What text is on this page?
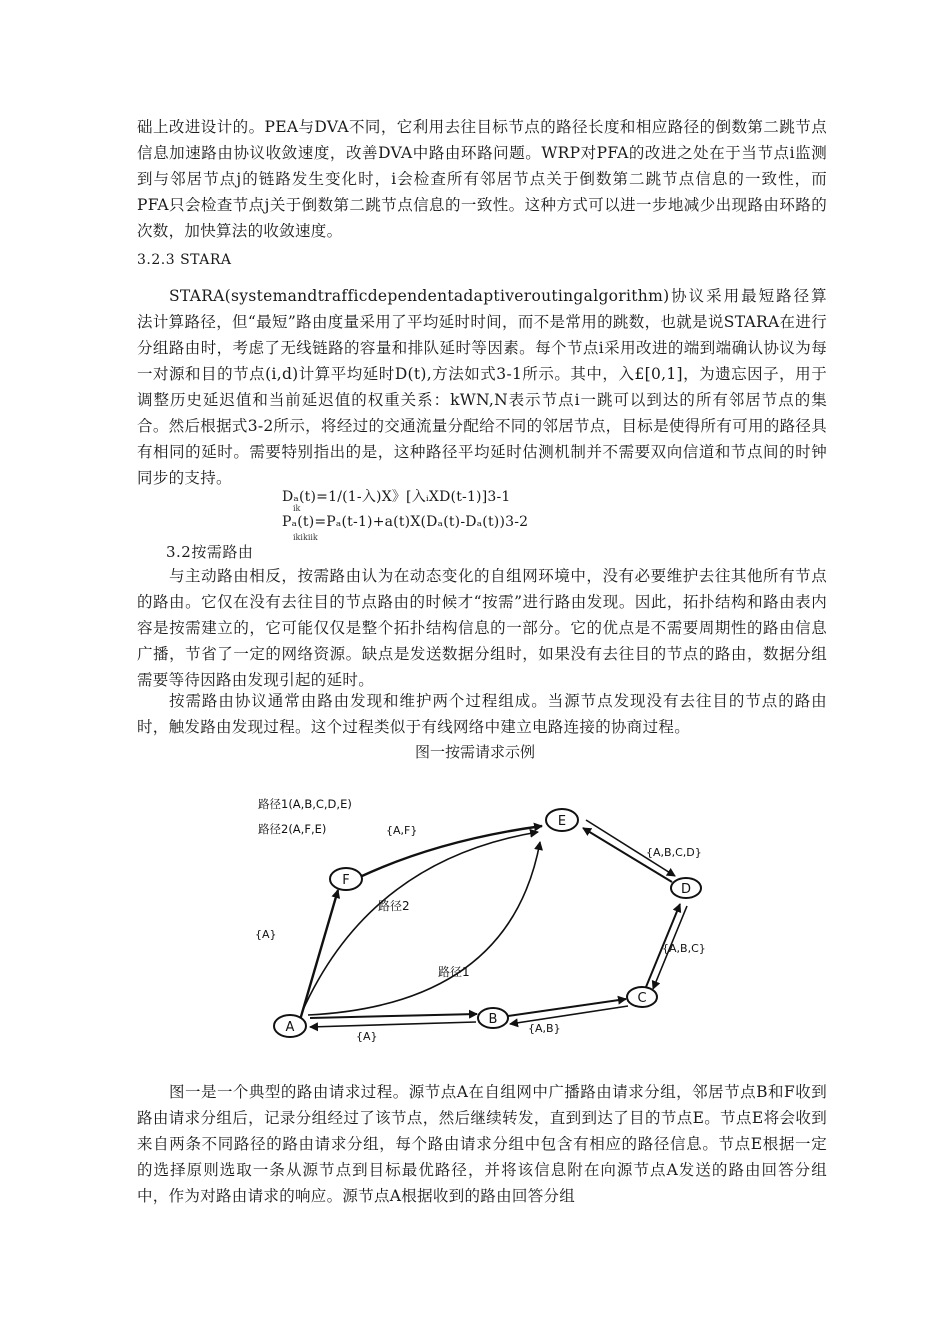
础上改进设计的。PEA与DVA不同，它利用去往目标节点的路径长度和相应路径的倒数第二跳节点信息加速路由协议收敛速度，改善DVA中路由环路问题。WRP对PFA的改进之处在于当节点i监测到与邻居节点j的链路发生变化时，i会检查所有邻居节点关于倒数第二跳节点信息的一致性，而PFA只会检查节点j关于倒数第二跳节点信息的一致性。这种方式可以进一步地减少出现路由环路的次数，加快算法的收敛速度。

3.2.3 STARA

STARA(systemandtrafficdependentadaptiveroutingalgorithm)协议采用最短路径算法计算路径，但“最短”路由度量采用了平均延时时间，而不是常用的跳数，也就是说STARA在进行分组路由时，考虑了无线链路的容量和排队延时等因素。每个节点i采用改进的端到端确认协议为每一对源和目的节点(i,d)计算平均延时D(t),方法如式3-1所示。其中，入£[0,1]，为遗忘因子，用于调整历史延迟值和当前延迟值的权重关系：kWN,N表示节点i一跳可以到达的所有邻居节点的集合。然后根据式3-2所示，将经过的交通流量分配给不同的邻居节点，目标是使得所有可用的路径具有相同的延时。需要特别指出的是，这种路径平均延时估测机制并不需要双向信道和节点间的时钟同步的支持。

Dₐ(t)=1/(1-入)X》[入ᵢXD(t-1)]3-1

ik

Pₐ(t)=Pₐ(t-1)+a(t)X(Dₐ(t)-Dₐ(t))3-2

ikikiik

3.2按需路由

与主动路由相反，按需路由认为在动态变化的自组网环境中，没有必要维护去往其他所有节点的路由。它仅在没有去往目的节点路由的时候才“按需”进行路由发现。因此，拓扑结构和路由表内容是按需建立的，它可能仅仅是整个拓扑结构信息的一部分。它的优点是不需要周期性的路由信息广播，节省了一定的网络资源。缺点是发送数据分组时，如果没有去往目的节点的路由，数据分组需要等待因路由发现引起的延时。

按需路由协议通常由路由发现和维护两个过程组成。当源节点发现没有去往目的节点的路由时，触发路由发现过程。这个过程类似于有线网络中建立电路连接的协商过程。

图一按需请求示例

路径1(A,B,C,D,E)
路径2(A,F,E)
A
B
C
D
E
F
{A,F}
{A,B,C,D}
{A}
{A,B,C}
{A,B}
{A}
路径2
路径1

图一是一个典型的路由请求过程。源节点A在自组网中广播路由请求分组，邻居节点B和F收到路由请求分组后，记录分组经过了该节点，然后继续转发，直到到达了目的节点E。节点E将会收到来自两条不同路径的路由请求分组，每个路由请求分组中包含有相应的路径信息。节点E根据一定的选择原则选取一条从源节点到目标最优路径，并将该信息附在向源节点A发送的路由回答分组中，作为对路由请求的响应。源节点A根据收到的路由回答分组
